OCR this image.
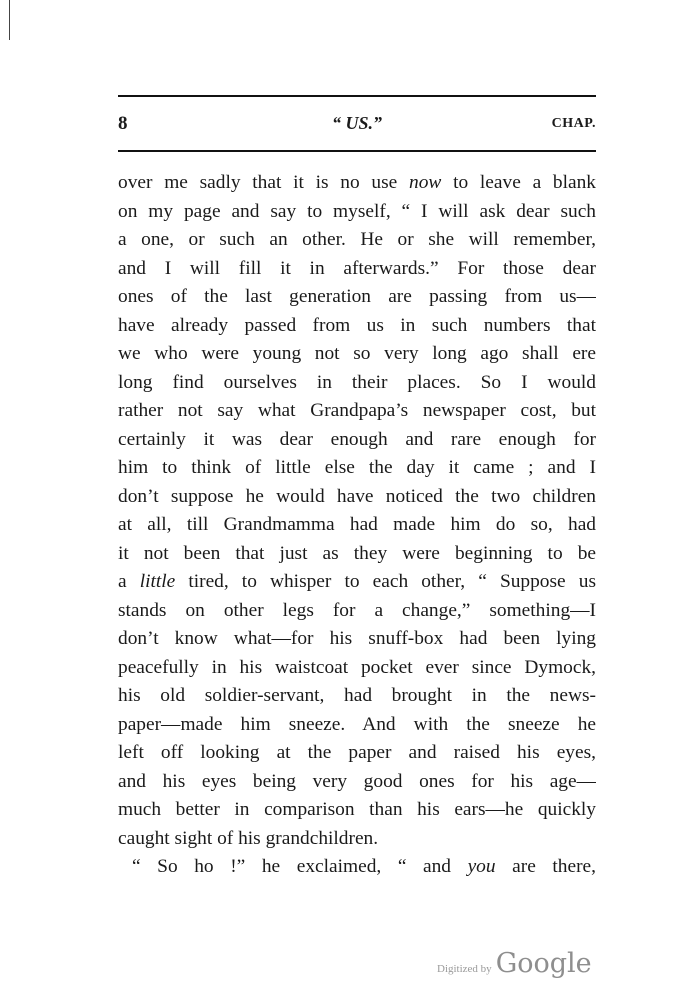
8	“ US.”	CHAP.
over me sadly that it is no use now to leave a blank
on my page and say to myself, “ I will ask dear such
a one, or such an other. He or she will remember,
and I will fill it in afterwards.” For those dear
ones of the last generation are passing from us—
have already passed from us in such numbers that
we who were young not so very long ago shall ere
long find ourselves in their places. So I would
rather not say what Grandpapa’s newspaper cost, but
certainly it was dear enough and rare enough for
him to think of little else the day it came ; and I
don’t suppose he would have noticed the two children
at all, till Grandmamma had made him do so, had
it not been that just as they were beginning to be
a little tired, to whisper to each other, “ Suppose us
stands on other legs for a change,” something—I
don’t know what—for his snuff-box had been lying
peacefully in his waistcoat pocket ever since Dymock,
his old soldier-servant, had brought in the news-
paper—made him sneeze. And with the sneeze he
left off looking at the paper and raised his eyes,
and his eyes being very good ones for his age—
much better in comparison than his ears—he quickly
caught sight of his grandchildren.
“ So ho !” he exclaimed, “ and you are there,
Digitized by Google
